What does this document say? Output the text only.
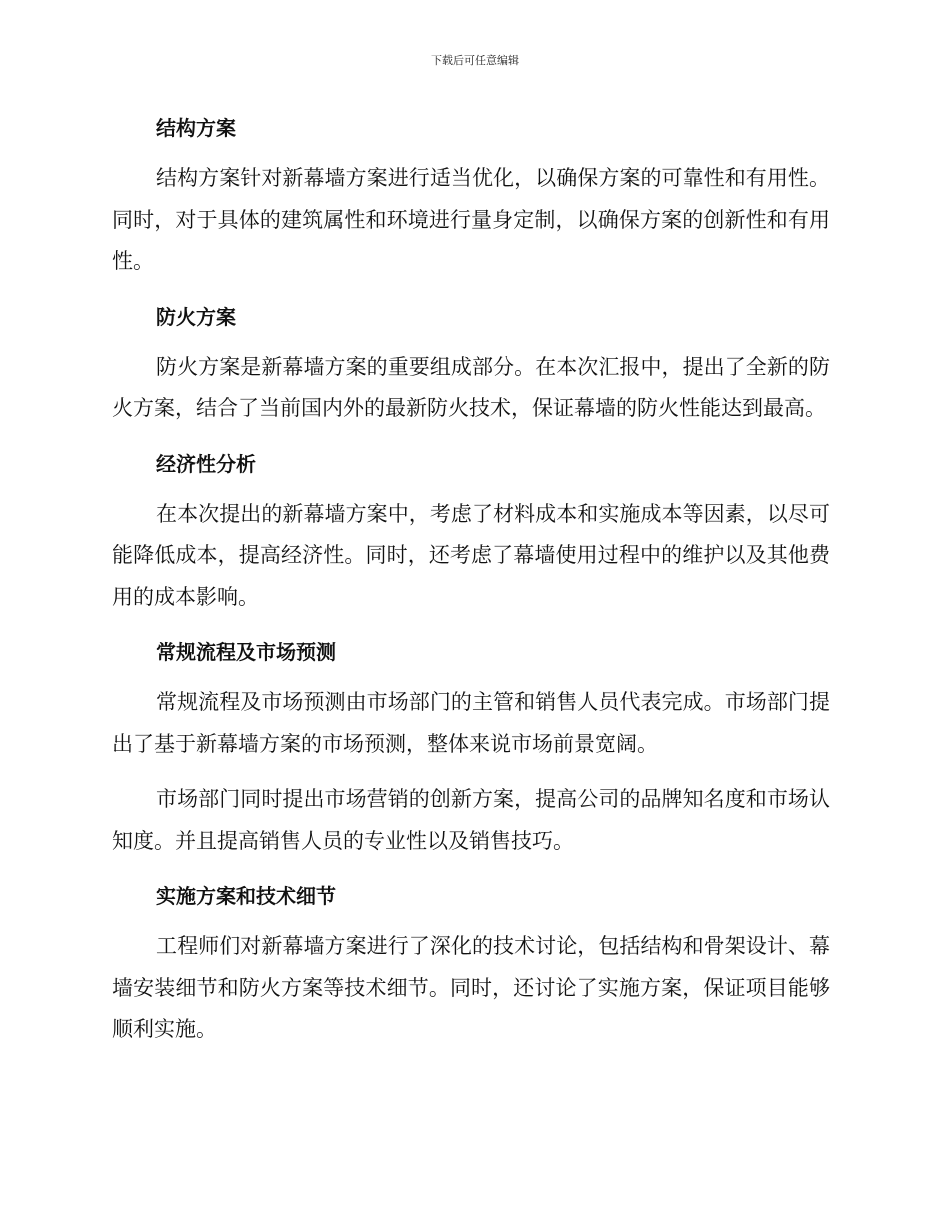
下载后可任意编辑
结构方案

结构方案针对新幕墙方案进行适当优化，以确保方案的可靠性和有用性。同时，对于具体的建筑属性和环境进行量身定制，以确保方案的创新性和有用性。

防火方案

防火方案是新幕墙方案的重要组成部分。在本次汇报中，提出了全新的防火方案，结合了当前国内外的最新防火技术，保证幕墙的防火性能达到最高。

经济性分析

在本次提出的新幕墙方案中，考虑了材料成本和实施成本等因素，以尽可能降低成本，提高经济性。同时，还考虑了幕墙使用过程中的维护以及其他费用的成本影响。

常规流程及市场预测

常规流程及市场预测由市场部门的主管和销售人员代表完成。市场部门提出了基于新幕墙方案的市场预测，整体来说市场前景宽阔。

市场部门同时提出市场营销的创新方案，提高公司的品牌知名度和市场认知度。并且提高销售人员的专业性以及销售技巧。

实施方案和技术细节

工程师们对新幕墙方案进行了深化的技术讨论，包括结构和骨架设计、幕墙安装细节和防火方案等技术细节。同时，还讨论了实施方案，保证项目能够顺利实施。
